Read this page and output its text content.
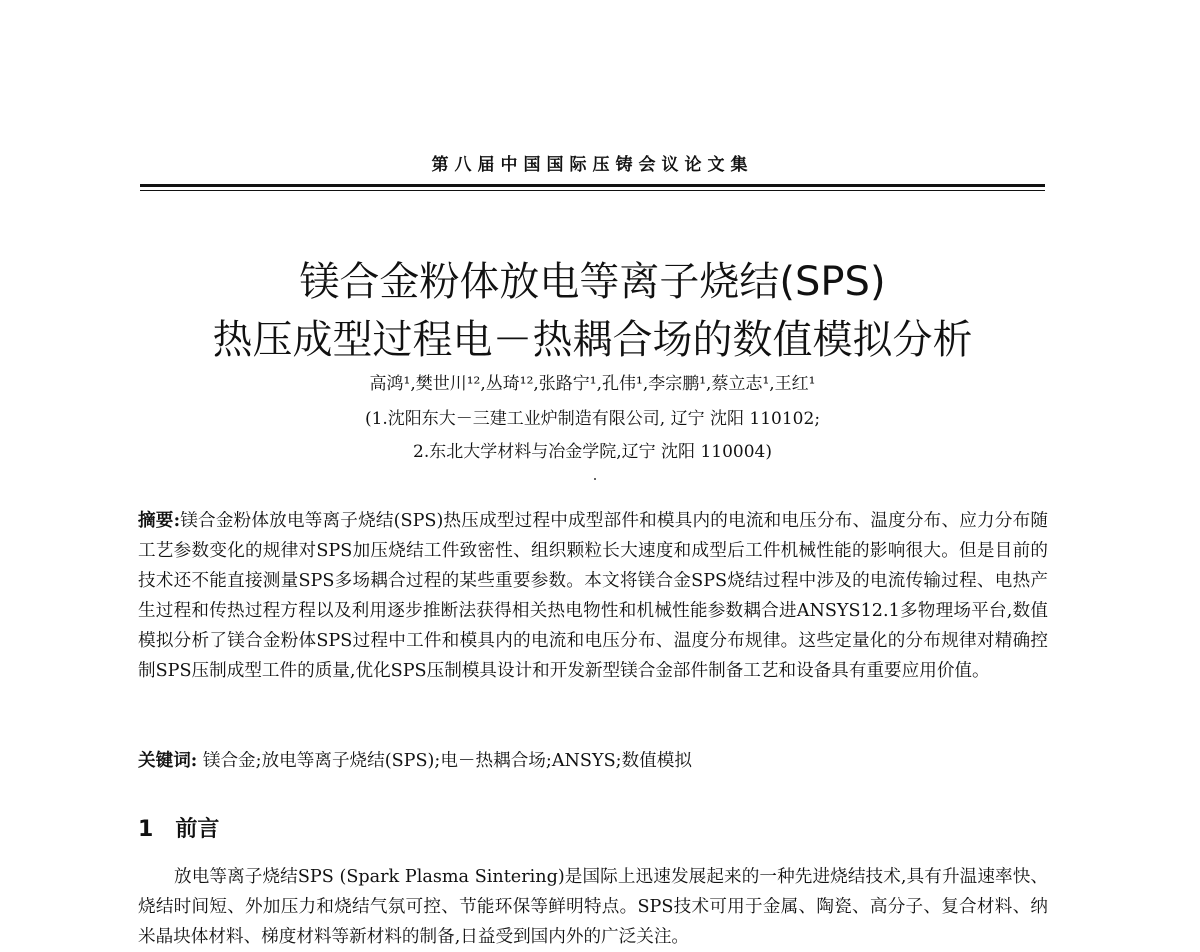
第八届中国国际压铸会议论文集
镁合金粉体放电等离子烧结(SPS)
热压成型过程电－热耦合场的数值模拟分析
高鸿¹,樊世川¹²,丛琦¹²,张路宁¹,孔伟¹,李宗鹏¹,蔡立志¹,王红¹
(1.沈阳东大－三建工业炉制造有限公司, 辽宁 沈阳 110102;
2.东北大学材料与冶金学院,辽宁 沈阳 110004)
摘要:镁合金粉体放电等离子烧结(SPS)热压成型过程中成型部件和模具内的电流和电压分布、温度分布、应力分布随工艺参数变化的规律对SPS加压烧结工件致密性、组织颗粒长大速度和成型后工件机械性能的影响很大。但是目前的技术还不能直接测量SPS多场耦合过程的某些重要参数。本文将镁合金SPS烧结过程中涉及的电流传输过程、电热产生过程和传热过程方程以及利用逐步推断法获得相关热电物性和机械性能参数耦合进ANSYS12.1多物理场平台,数值模拟分析了镁合金粉体SPS过程中工件和模具内的电流和电压分布、温度分布规律。这些定量化的分布规律对精确控制SPS压制成型工件的质量,优化SPS压制模具设计和开发新型镁合金部件制备工艺和设备具有重要应用价值。
关键词: 镁合金;放电等离子烧结(SPS);电－热耦合场;ANSYS;数值模拟
1 前言
放电等离子烧结SPS (Spark Plasma Sintering)是国际上迅速发展起来的一种先进烧结技术,具有升温速率快、烧结时间短、外加压力和烧结气氛可控、节能环保等鲜明特点。SPS技术可用于金属、陶瓷、高分子、复合材料、纳米晶块体材料、梯度材料等新材料的制备,日益受到国内外的广泛关注。
